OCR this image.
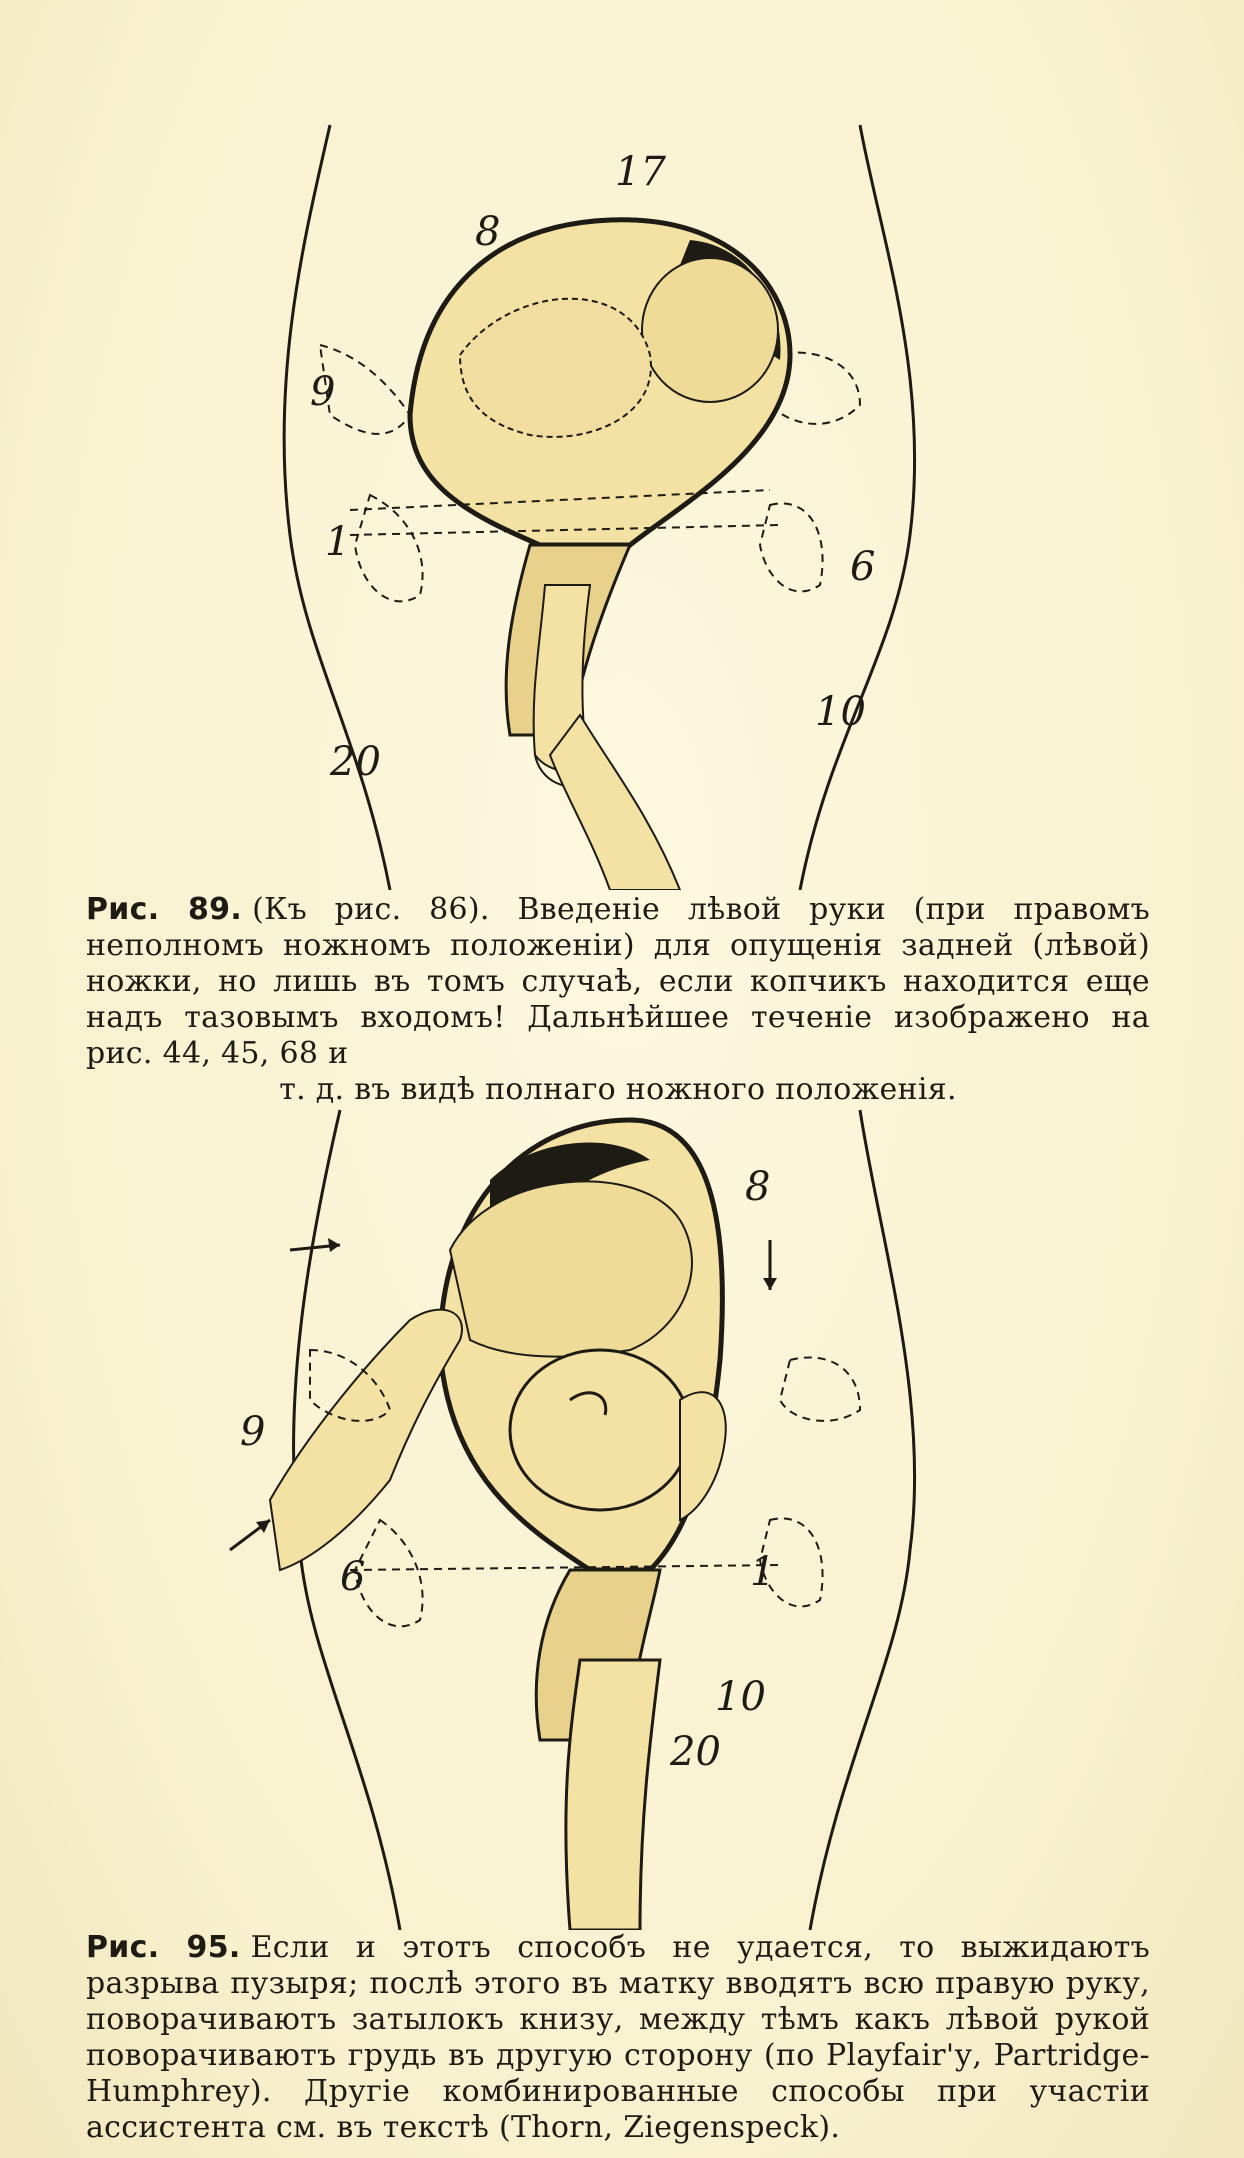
17
8
9
1
6
10
20
Рис. 89. (Къ рис. 86). Введеніе лѣвой руки (при правомъ неполномъ ножномъ положеніи) для опущенія задней (лѣвой) ножки, но лишь въ томъ случаѣ, если копчикъ находится еще надъ тазовымъ входомъ! Дальнѣйшее теченіе изображено на рис. 44, 45, 68 и
т. д. въ видѣ полнаго ножного положенія.
8
9
6	1
10
20
Рис. 95. Если и этотъ способъ не удается, то выжидаютъ разрыва пузыря; послѣ этого въ матку вводятъ всю правую руку, поворачиваютъ затылокъ книзу, между тѣмъ какъ лѣвой рукой поворачиваютъ грудь въ другую сторону (по Playfair'у, Partridge-Humphrey). Другіе комбинированные способы при участіи ассистента см. въ текстѣ (Thorn, Ziegenspeck).
